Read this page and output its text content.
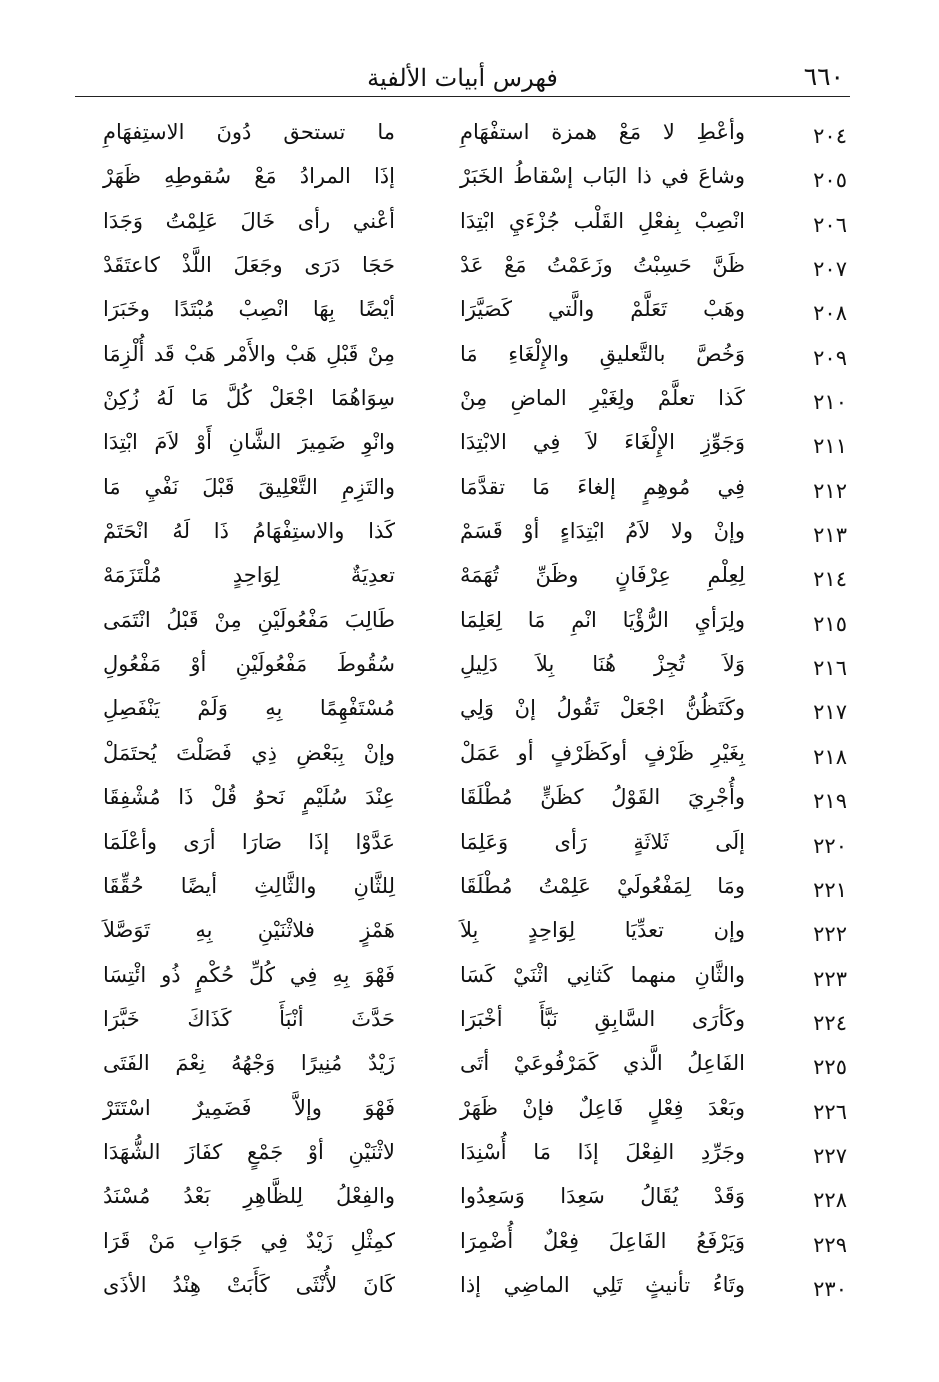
٦٦٠
فهرس أبيات الألفية
٢٠٤
وأعْطِ لا مَعْ همزة استفْهَامِ
ما تستحق دُونَ الاستِفهَامِ
٢٠٥
وشاعَ في ذا البَاب إسْقاطُ الخَبَرْ
إذَا المرادُ مَعْ سُقوطِهِ ظَهَرْ
٢٠٦
انْصِبْ بِفعْلِ القَلْب جُزْءَيِ ابْتِدَا
أعْني رأى خَالَ عَلِمْتُ وَجَدَا
٢٠٧
ظَنَّ حَسِبْتُ وزَعَمْتُ مَعْ عَدْ
حَجَا دَرَى وجَعَلَ اللَّذْ كاعتَقَدْ
٢٠٨
وهَبْ تَعَلَّمْ والَّتي كَصَيَّرَا
أيْضًا بِهَا انْصِبْ مُبْتَدًا وخَبَرَا
٢٠٩
وَخُصَّ بالتَّعليقِ والإِلْغَاءِ مَا
مِنْ قَبْلِ هَبْ والأَمْر هَبْ قَد أُلْزِمَا
٢١٠
كَذا تعلَّمْ ولِغَيْرِ الماضِ مِنْ
سِوَاهُمَا اجْعَلْ كُلَّ مَا لَهُ زُكِنْ
٢١١
وَجَوِّزِ الإِلْغَاءَ لاَ فِي الابْتِدَا
وانْوِ ضَمِيرَ الشَّانِ أَوْ لاَمَ ابْتِدَا
٢١٢
فِي مُوهِمٍ إلغاءَ مَا تقدَّمَا
والتَزِمِ التَّعْلِيقَ قَبْلَ نَفْيِ مَا
٢١٣
وإنْ ولا لاَمُ ابْتِدَاءٍ أوْ قَسَمْ
كَذا والاستِفْهَامُ ذَا لَهُ انْحَتَمْ
٢١٤
لِعِلْمِ عِرْفَانٍ وظَنِّ تُهَمَهْ
تعدِيَةٌ لِوَاحِدٍ مُلْتَزَمَهْ
٢١٥
ولِرَأيِ الرُّؤْيَا انْمِ مَا لِعَلِمَا
طَالِبَ مَفْعُولَيْنِ مِنْ قَبْلُ انْتَمَى
٢١٦
وَلاَ تُجِزْ هُنَا بِلاَ دَلِيلِ
سُقُوطَ مَفْعُولَيْنِ أوْ مَفْعُولِ
٢١٧
وكَتَظُنُّ اجْعَلْ تَقُولُ إنْ وَلِي
مُسْتَفْهِمًا بِهِ وَلَمْ يَنْفَصِلِ
٢١٨
بِغَيْرِ ظَرْفٍ أوكَظَرْفٍ أو عَمَلْ
وإنْ بِبَعْضِ ذِي فَصَلْتَ يُحتَمَلْ
٢١٩
وأُجْرِيَ القَوْلُ كظَنٍّ مُطْلَقَا
عِنْدَ سُلَيْمٍ نَحوُ قُلْ ذَا مُشْفِقَا
٢٢٠
إلَى ثَلاثَةٍ رَأى وَعَلِمَا
عَدَّوْا إذَا صَارَا أرَى وأعْلَمَا
٢٢١
ومَا لِمَفْعُولَيْ عَلِمْتُ مُطْلَقَا
لِلثَّانِ والثَّالِثِ أيضًا حُقِّقَا
٢٢٢
وإن تعدِّيَا لِوَاحِدٍ بِلاَ
هَمْزٍ فلاثْنَيْنِ بِهِ تَوَصَّلاَ
٢٢٣
والثَّانِ منهما كَثانِي اثْنَيْ كَسَا
فَهْوَ بِهِ فِي كُلِّ حُكْمٍ ذُو ائْتِسَا
٢٢٤
وكَأرَى السَّابِقِ نَبَّأَ أخْبَرَا
حَدَّثَ أنْبَأَ كَذَاكَ خَبَّرَا
٢٢٥
الفَاعِلُ الَّذي كَمَرْفُوعَيْ أتَى
زَيْدٌ مُنِيرًا وَجْهُهُ نِعْمَ الفَتَى
٢٢٦
وبَعْدَ فِعْلٍ فَاعِلٌ فإنْ ظَهَرْ
فَهْوَ وإلاَّ فَضَمِيرٌ اسْتَتَرْ
٢٢٧
وجَرِّدِ الفِعْلَ إذَا مَا أُسْنِدَا
لاثْنَيْنِ أوْ جَمْعٍ كفَازَ الشُّهَدَا
٢٢٨
وَقَدْ يُقَالُ سَعِدَا وَسَعِدُوا
والفِعْلُ لِلظَّاهِرِ بَعْدُ مُسْنَدُ
٢٢٩
وَيَرْفَعُ الفَاعِلَ فِعْلٌ أُضْمِرَا
كمِثْلِ زَيْدٌ فِي جَوَابِ مَنْ قَرَا
٢٣٠
وتَاءُ تأنيثٍ تَلِي الماضِي إذا
كَانَ لأُنْثَى كَأَبَتْ هِنْدُ الأذَى
